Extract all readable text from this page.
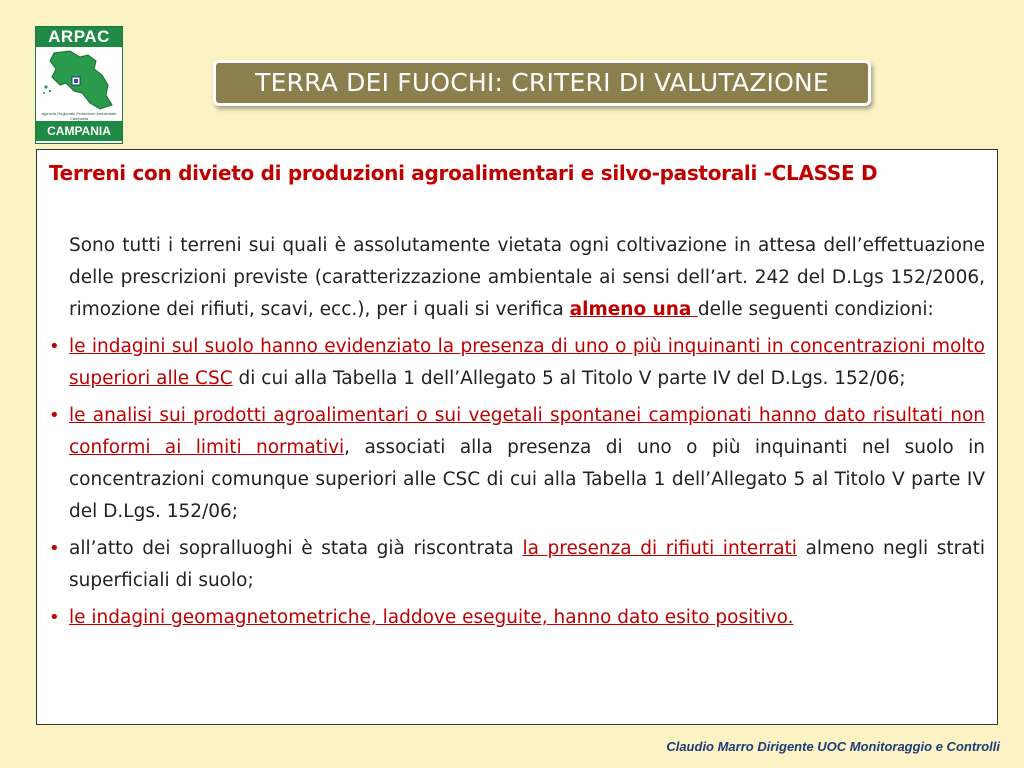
ARPAC
Agenzia Regionale Protezione Ambientale Campania
CAMPANIA
TERRA DEI FUOCHI: CRITERI DI VALUTAZIONE
Terreni con divieto di produzioni agroalimentari e silvo-pastorali -CLASSE D
Sono tutti i terreni sui quali è assolutamente vietata ogni coltivazione in attesa dell’effettuazione delle prescrizioni previste (caratterizzazione ambientale ai sensi dell’art. 242 del D.Lgs 152/2006, rimozione dei rifiuti, scavi, ecc.), per i quali si verifica almeno una delle seguenti condizioni:
• le indagini sul suolo hanno evidenziato la presenza di uno o più inquinanti in concentrazioni molto superiori alle CSC di cui alla Tabella 1 dell’Allegato 5 al Titolo V parte IV del D.Lgs. 152/06;
• le analisi sui prodotti agroalimentari o sui vegetali spontanei campionati hanno dato risultati non conformi ai limiti normativi, associati alla presenza di uno o più inquinanti nel suolo in concentrazioni comunque superiori alle CSC di cui alla Tabella 1 dell’Allegato 5 al Titolo V parte IV del D.Lgs. 152/06;
• all’atto dei sopralluoghi è stata già riscontrata la presenza di rifiuti interrati almeno negli strati superficiali di suolo;
• le indagini geomagnetometriche, laddove eseguite, hanno dato esito positivo.
Claudio Marro Dirigente UOC Monitoraggio e Controlli
